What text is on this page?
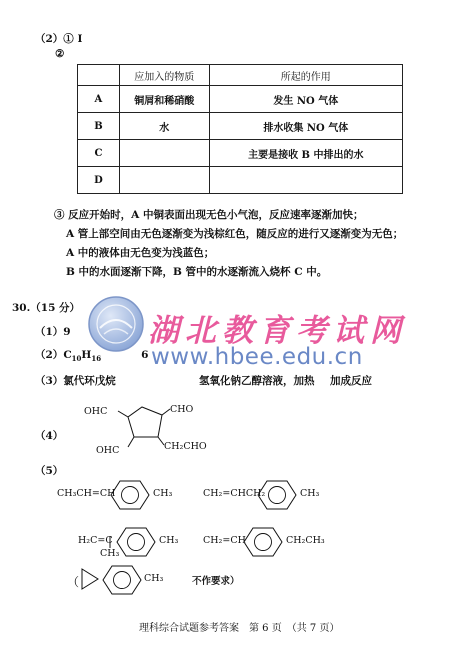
（2）① Ⅰ
②
	应加入的物质	所起的作用
A	铜屑和稀硝酸	发生 NO 气体
B	水	排水收集 NO 气体
C		主要是接收 B 中排出的水
D		
③ 反应开始时，A 中铜表面出现无色小气泡，反应速率逐渐加快；
A 管上部空间由无色逐渐变为浅棕红色，随反应的进行又逐渐变为无色；
A 中的液体由无色变为浅蓝色；
B 中的水面逐渐下降，B 管中的水逐渐流入烧杯 C 中。
湖北教育考试网
www.hbee.edu.cn
30.（15 分）
（1）9
$(2)C_{10}H_{16}$	6
（3）氯代环戊烷	氢氧化钠乙醇溶液，加热 加成反应
（4）
OHC	CHO
OHC	CH₂CHO
（5）
CH₃CH=CH	CH₃	CH₂=CHCH₂	CH₃
H₂C=C
CH₃
CH₃	CH₂=CH	CH₂CH₃
（	CH₃	不作要求）
理科综合试题参考答案　第 6 页　（共 7 页）
